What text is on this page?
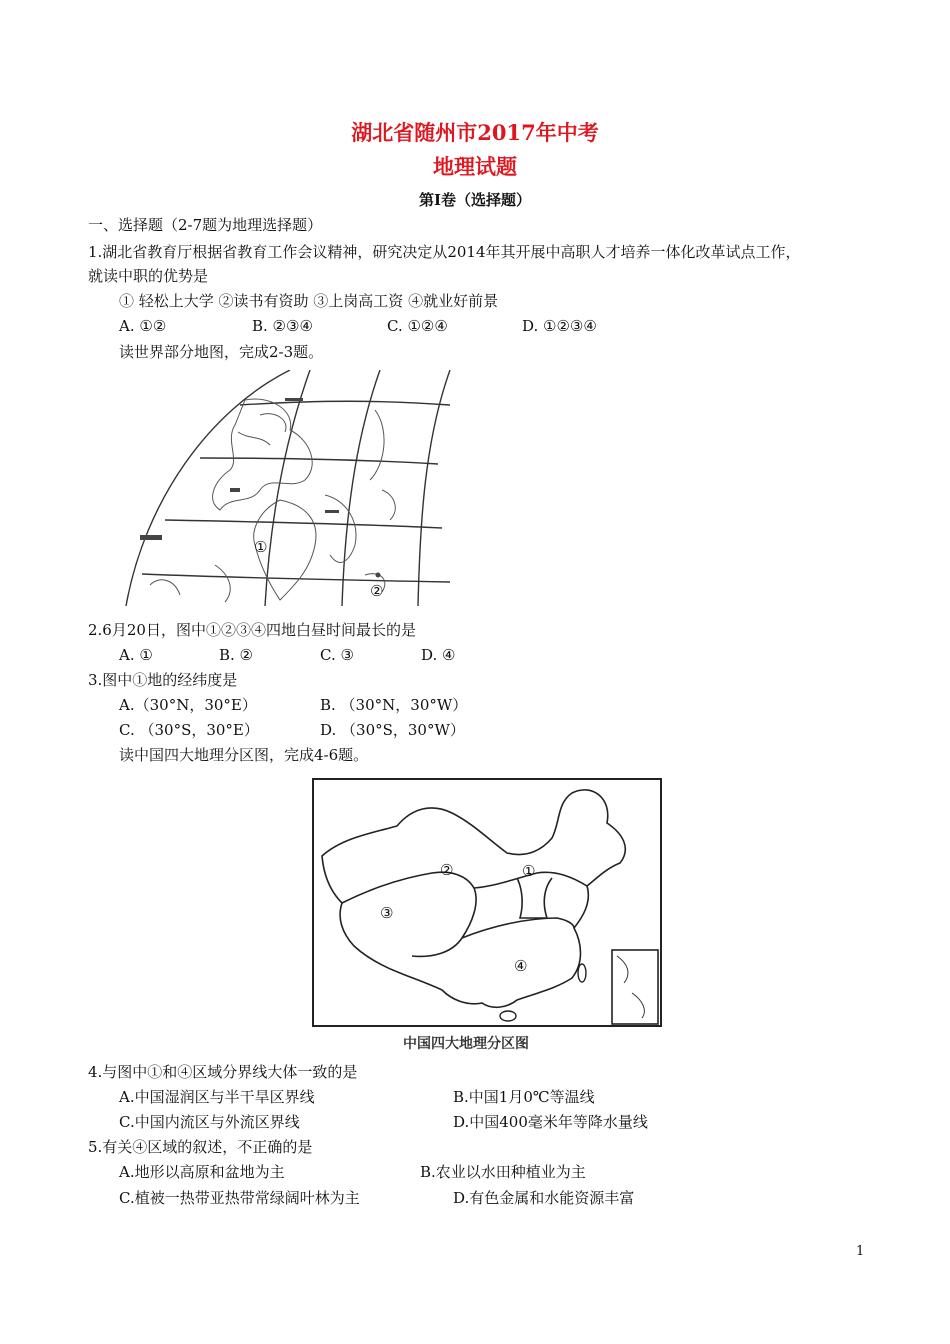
湖北省随州市2017年中考
地理试题
第Ⅰ卷（选择题）
一、选择题（2-7题为地理选择题）
1.湖北省教育厅根据省教育工作会议精神，研究决定从2014年其开展中高职人才培养一体化改革试点工作，
就读中职的优势是
① 轻松上大学 ②读书有资助 ③上岗高工资 ④就业好前景
A. ①②	B. ②③④	C. ①②④	D. ①②③④
读世界部分地图，完成2-3题。
①
②
2.6月20日，图中①②③④四地白昼时间最长的是
A. ①	B. ②	C. ③	D. ④
3.图中①地的经纬度是
A.（30°N，30°E）	B. （30°N，30°W）
C. （30°S，30°E）	D. （30°S，30°W）
读中国四大地理分区图，完成4-6题。
①
②
③
④
中国四大地理分区图
4.与图中①和④区域分界线大体一致的是
A.中国湿润区与半干旱区界线	B.中国1月0℃等温线
C.中国内流区与外流区界线	D.中国400毫米年等降水量线
5.有关④区域的叙述，不正确的是
A.地形以高原和盆地为主	B.农业以水田种植业为主
C.植被一热带亚热带常绿阔叶林为主	D.有色金属和水能资源丰富
1
